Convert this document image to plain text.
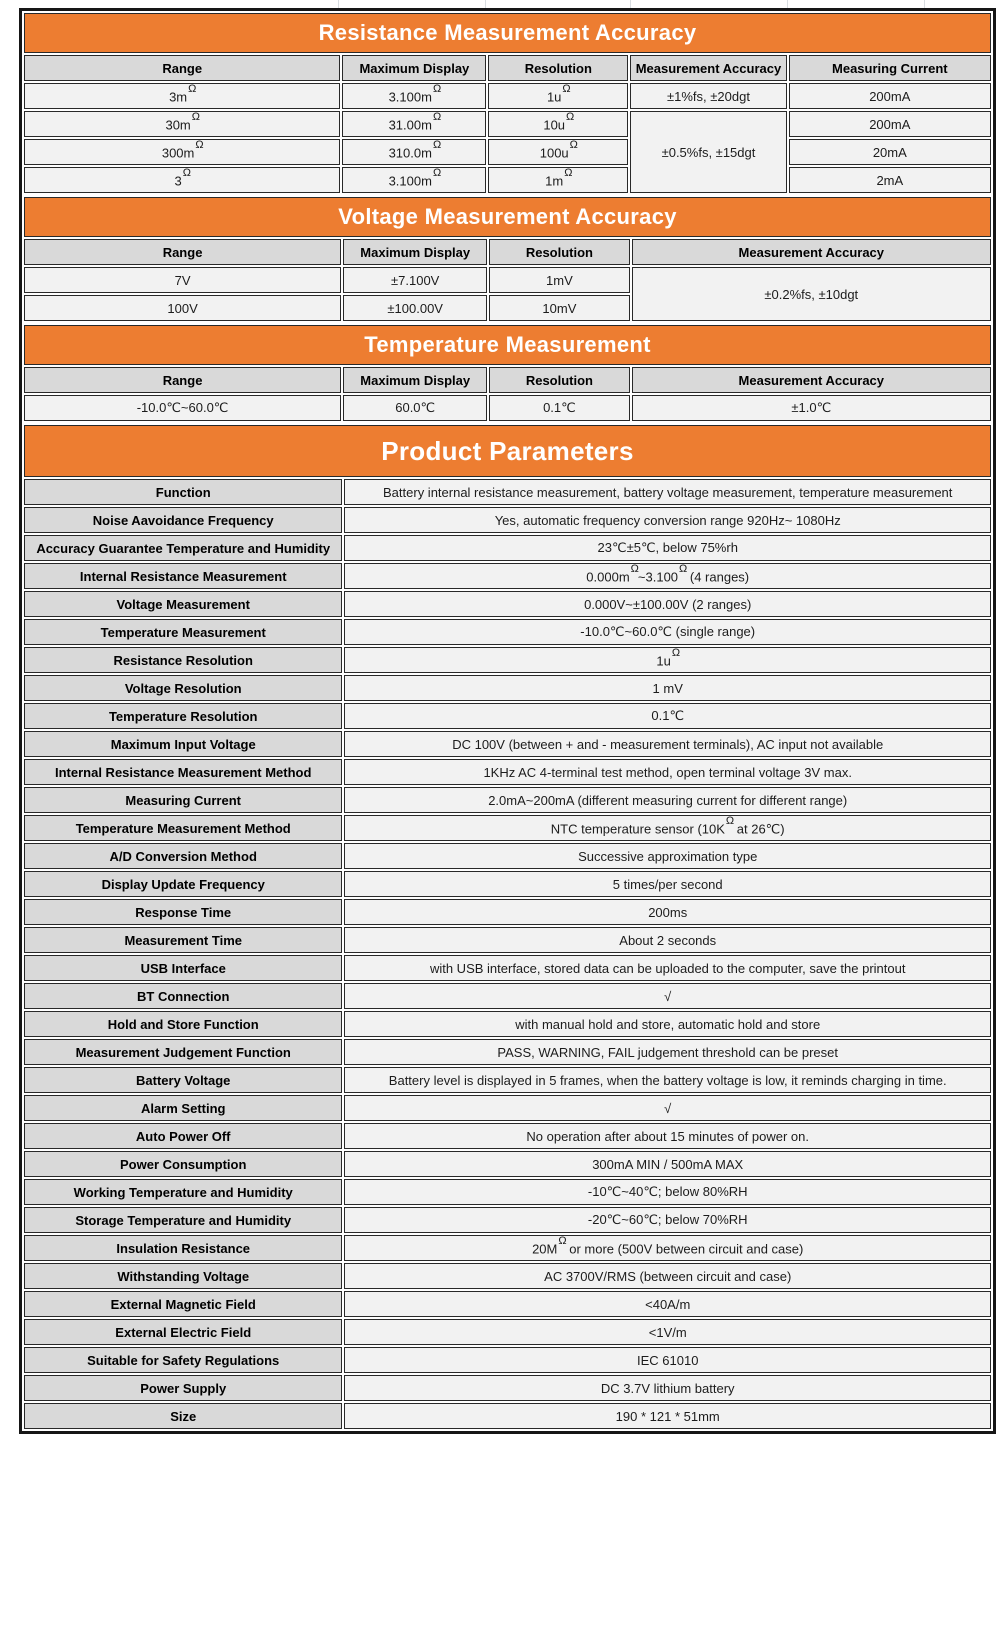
Resistance Measurement Accuracy
Range	Maximum Display	Resolution	Measurement Accuracy	Measuring Current
$3m^\Omega$	$3.100m^\Omega$	$1u^\Omega$	±1%fs, ±20dgt	200mA
$30m^\Omega$	$31.00m^\Omega$	$10u^\Omega$	±0.5%fs, ±15dgt	200mA
$300m^\Omega$	$310.0m^\Omega$	$100u^\Omega$		20mA
$3^\Omega$	$3.100m^\Omega$	$1m^\Omega$		2mA
Voltage Measurement Accuracy
Range	Maximum Display	Resolution	Measurement Accuracy
7V	±7.100V	1mV	±0.2%fs, ±10dgt
100V	±100.00V	10mV	
Temperature Measurement
Range	Maximum Display	Resolution	Measurement Accuracy
-10.0℃~60.0℃	60.0℃	0.1℃	±1.0℃
Product Parameters
Function	Battery internal resistance measurement, battery voltage measurement, temperature measurement
Noise Aavoidance Frequency	Yes, automatic frequency conversion range 920Hz~ 1080Hz
Accuracy Guarantee Temperature and Humidity	23℃±5℃, below 75%rh
Internal Resistance Measurement	$0.000m^\Omega\sim 3.100^\Omega$ (4 ranges)
Voltage Measurement	0.000V~±100.00V (2 ranges)
Temperature Measurement	-10.0℃~60.0℃ (single range)
Resistance Resolution	$1u^\Omega$
Voltage Resolution	1 mV
Temperature Resolution	0.1℃
Maximum Input Voltage	DC 100V (between + and - measurement terminals), AC input not available
Internal Resistance Measurement Method	1KHz AC 4-terminal test method, open terminal voltage 3V max.
Measuring Current	2.0mA~200mA (different measuring current for different range)
Temperature Measurement Method	NTC temperature sensor ($10K^\Omega$ at 26℃)
A/D Conversion Method	Successive approximation type
Display Update Frequency	5 times/per second
Response Time	200ms
Measurement Time	About 2 seconds
USB Interface	with USB interface, stored data can be uploaded to the computer, save the printout
BT Connection	√
Hold and Store Function	with manual hold and store, automatic hold and store
Measurement Judgement Function	PASS, WARNING, FAIL judgement threshold can be preset
Battery Voltage	Battery level is displayed in 5 frames, when the battery voltage is low, it reminds charging in time.
Alarm Setting	√
Auto Power Off	No operation after about 15 minutes of power on.
Power Consumption	300mA MIN / 500mA MAX
Working Temperature and Humidity	-10℃~40℃; below 80%RH
Storage Temperature and Humidity	-20℃~60℃; below 70%RH
Insulation Resistance	$20M^\Omega$ or more (500V between circuit and case)
Withstanding Voltage	AC 3700V/RMS (between circuit and case)
External Magnetic Field	<40A/m
External Electric Field	<1V/m
Suitable for Safety Regulations	IEC 61010
Power Supply	DC 3.7V lithium battery
Size	190 * 121 * 51mm
